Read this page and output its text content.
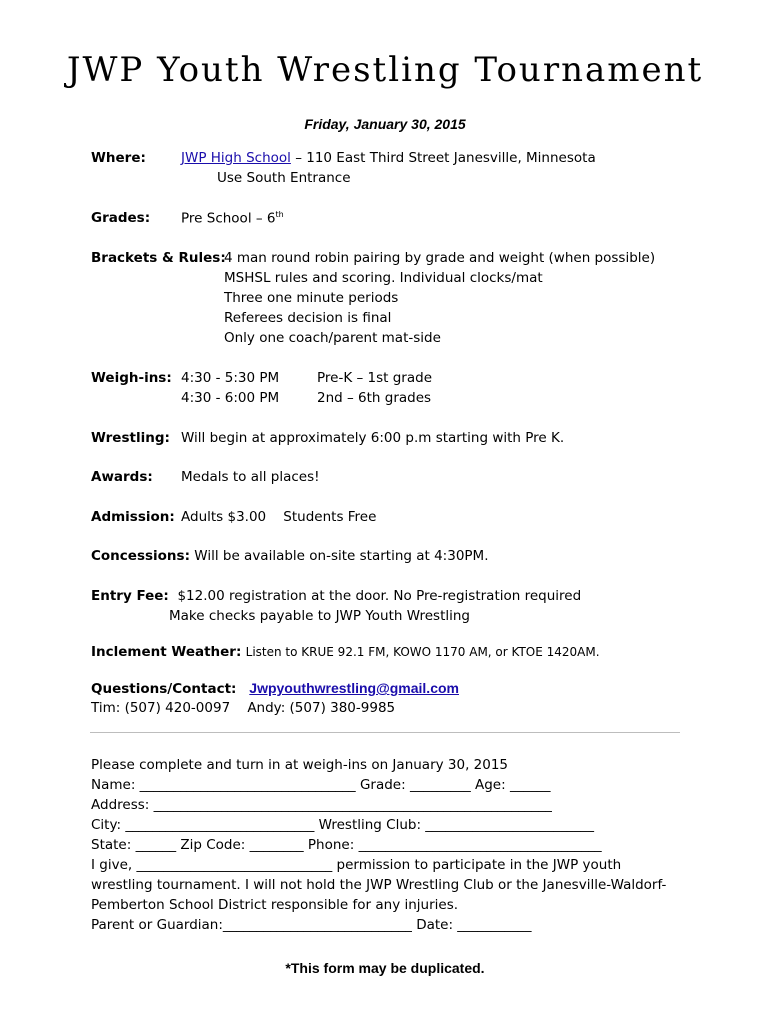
JWP Youth Wrestling Tournament
Friday, January 30, 2015
Where:	JWP High School – 110 East Third Street Janesville, Minnesota
Use South Entrance
Grades: Pre School – 6th
Brackets & Rules:
4 man round robin pairing by grade and weight (when possible)
MSHSL rules and scoring. Individual clocks/mat
Three one minute periods
Referees decision is final
Only one coach/parent mat-side
Weigh-ins: 4:30 - 5:30 PM	Pre-K – 1st grade
4:30 - 6:00 PM	2nd – 6th grades
Wrestling: Will begin at approximately 6:00 p.m starting with Pre K.
Awards: Medals to all places!
Admission: Adults $3.00    Students Free
Concessions: Will be available on-site starting at 4:30PM.
Entry Fee: $12.00 registration at the door. No Pre-registration required
Make checks payable to JWP Youth Wrestling
Inclement Weather: Listen to KRUE 92.1 FM, KOWO 1170 AM, or KTOE 1420AM.
Questions/Contact: Jwpyouthwrestling@gmail.com
Tim: (507) 420-0097    Andy: (507) 380-9985
Please complete and turn in at weigh-ins on January 30, 2015
Name: ________________________________ Grade: _________ Age: ______
Address: ___________________________________________________________
City: ____________________________ Wrestling Club: _________________________
State: ______ Zip Code: ________ Phone: ____________________________________
I give, _____________________________ permission to participate in the JWP youth
wrestling tournament. I will not hold the JWP Wrestling Club or the Janesville-Waldorf-
Pemberton School District responsible for any injuries.
Parent or Guardian:____________________________ Date: ___________
*This form may be duplicated.
